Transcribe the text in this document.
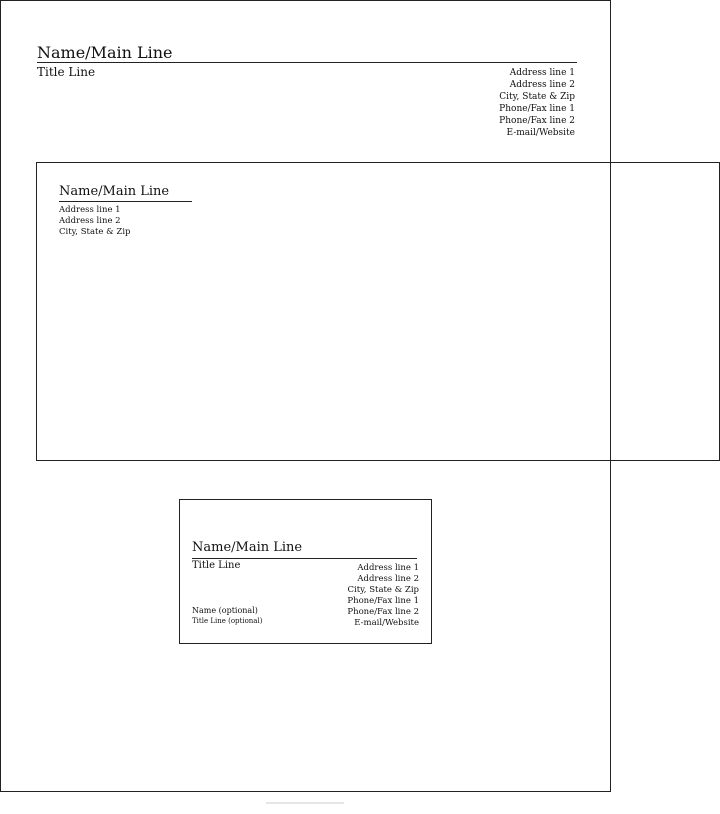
Name/Main Line
Title Line	Address line 1
Address line 2
City, State & Zip
Phone/Fax line 1
Phone/Fax line 2
E-mail/Website
Name/Main Line
Address line 1
Address line 2
City, State & Zip
Name/Main Line
Title Line	Address line 1
Address line 2
City, State & Zip
Phone/Fax line 1
Phone/Fax line 2
E-mail/Website
Name (optional)
Title Line (optional)
